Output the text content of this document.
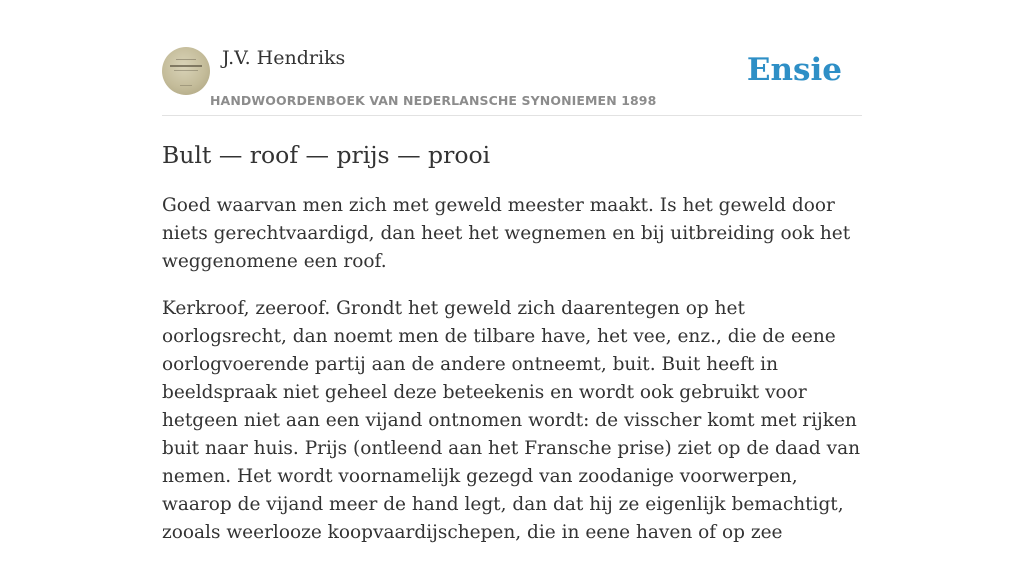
J.V. Hendriks
HANDWOORDENBOEK VAN NEDERLANSCHE SYNONIEMEN 1898
Ensie
Bult — roof — prijs — prooi

Goed waarvan men zich met geweld meester maakt. Is het geweld door niets gerechtvaardigd, dan heet het wegnemen en bij uitbreiding ook het weggenomene een roof.

Kerkroof, zeeroof. Grondt het geweld zich daarentegen op het oorlogsrecht, dan noemt men de tilbare have, het vee, enz., die de eene oorlogvoerende partij aan de andere ontneemt, buit. Buit heeft in beeldspraak niet geheel deze beteekenis en wordt ook gebruikt voor hetgeen niet aan een vijand ontnomen wordt: de visscher komt met rijken buit naar huis. Prijs (ontleend aan het Fransche prise) ziet op de daad van nemen. Het wordt voornamelijk gezegd van zoodanige voorwerpen, waarop de vijand meer de hand legt, dan dat hij ze eigenlijk bemachtigt, zooals weerlooze koopvaardijschepen, die in eene haven of op zee
